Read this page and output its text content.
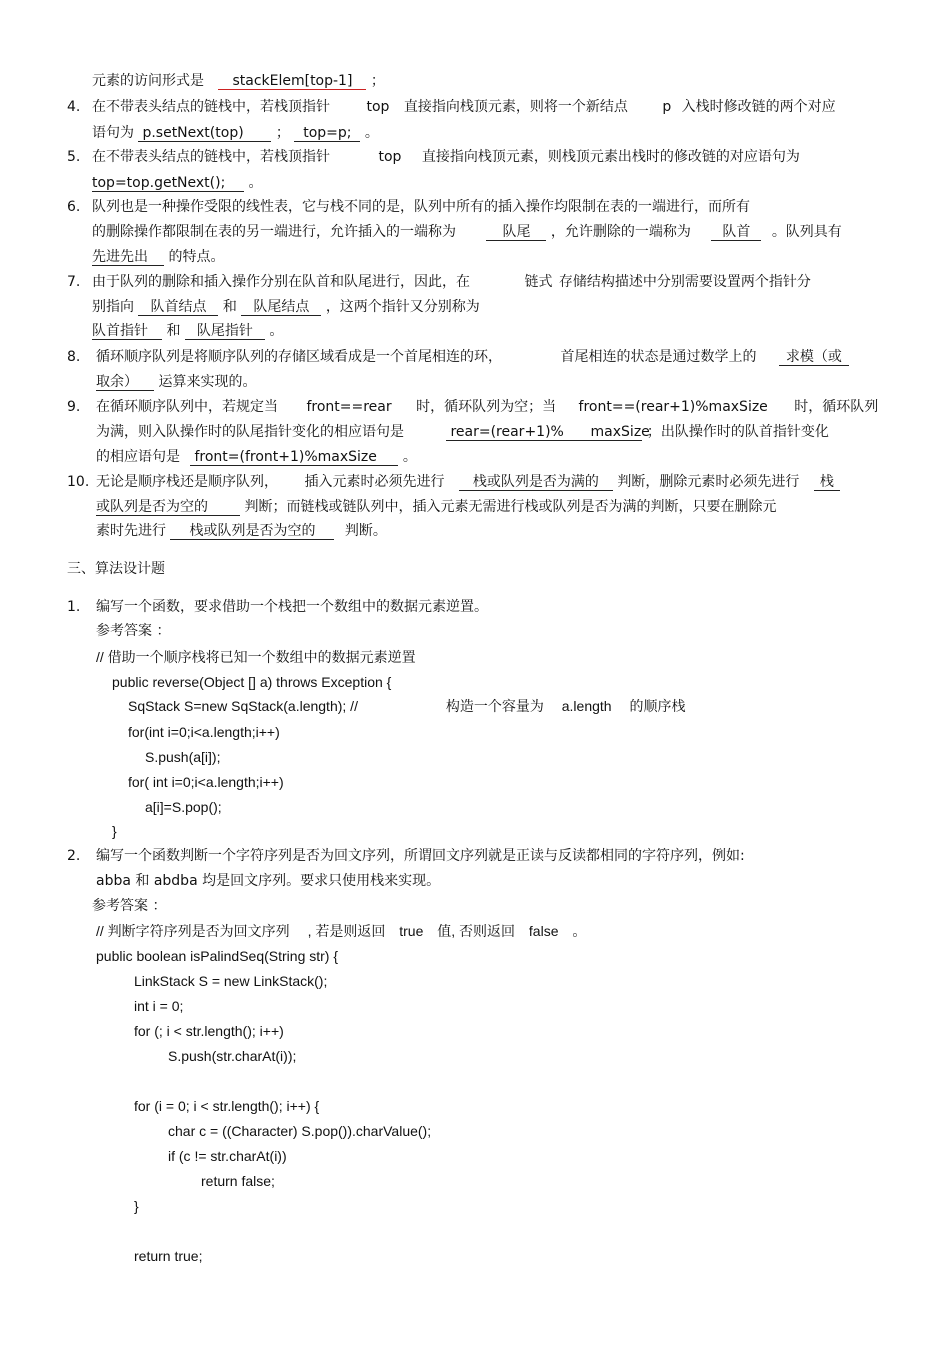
元素的访问形式是 stackElem[top-1] ；
4. 在不带表头结点的链栈中，若栈顶指针	top 直接指向栈顶元素，则将一个新结点 p 入栈时修改链的两个对应
语句为 p.setNext(top) ； top=p; 。
5. 在不带表头结点的链栈中，若栈顶指针	top 直接指向栈顶元素，则栈顶元素出栈时的修改链的对应语句为
top=top.getNext(); 。
6. 队列也是一种操作受限的线性表，它与栈不同的是，队列中所有的插入操作均限制在表的一端进行，而所有
的删除操作都限制在表的另一端进行，允许插入的一端称为	队尾 ，允许删除的一端称为 队首 。队列具有
先进先出 的特点。
7. 由于队列的删除和插入操作分别在队首和队尾进行，因此，在	链式 存储结构描述中分别需要设置两个指针分
别指向 队首结点 和 队尾结点 ，这两个指针又分别称为
队首指针 和 队尾指针 。
8. 循环顺序队列是将顺序队列的存储区域看成是一个首尾相连的环，	首尾相连的状态是通过数学上的 求模（或
取余） 运算来实现的。
9. 在循环顺序队列中，若规定当 front==rear 时，循环队列为空；当 front==(rear+1)%maxSize 时，循环队列
为满，则入队操作时的队尾指针变化的相应语句是	rear=(rear+1)%      maxSize ；出队操作时的队首指针变化
的相应语句是 front=(front+1)%maxSize 。
10. 无论是顺序栈还是顺序队列， 插入元素时必须先进行 栈或队列是否为满的 判断，删除元素时必须先进行 栈
或队列是否为空的	判断；而链栈或链队列中，插入元素无需进行栈或队列是否为满的判断，只要在删除元
素时先进行 栈或队列是否为空的 判断。
三、算法设计题
1. 编写一个函数，要求借助一个栈把一个数组中的数据元素逆置。
参考答案 ：
// 借助一个顺序栈将已知一个数组中的数据元素逆置
public reverse(Object [] a) throws Exception {
SqStack S=new SqStack(a.length); //	构造一个容量为 a.length 的顺序栈
for(int i=0;i<a.length;i++)
S.push(a[i]);
for( int i=0;i<a.length;i++)
a[i]=S.pop();
}
2. 编写一个函数判断一个字符序列是否为回文序列，所谓回文序列就是正读与反读都相同的字符序列，例如:
abba 和 abdba 均是回文序列。要求只使用栈来实现。
参考答案 ：
// 判断字符序列是否为回文序列 , 若是则返回 true 值, 否则返回 false 。
public boolean isPalindSeq(String str) {
LinkStack S = new LinkStack();
int i = 0;
for (; i < str.length(); i++)
S.push(str.charAt(i));
for (i = 0; i < str.length(); i++) {
char c = ((Character) S.pop()).charValue();
if (c != str.charAt(i))
return false;
}
return true;
